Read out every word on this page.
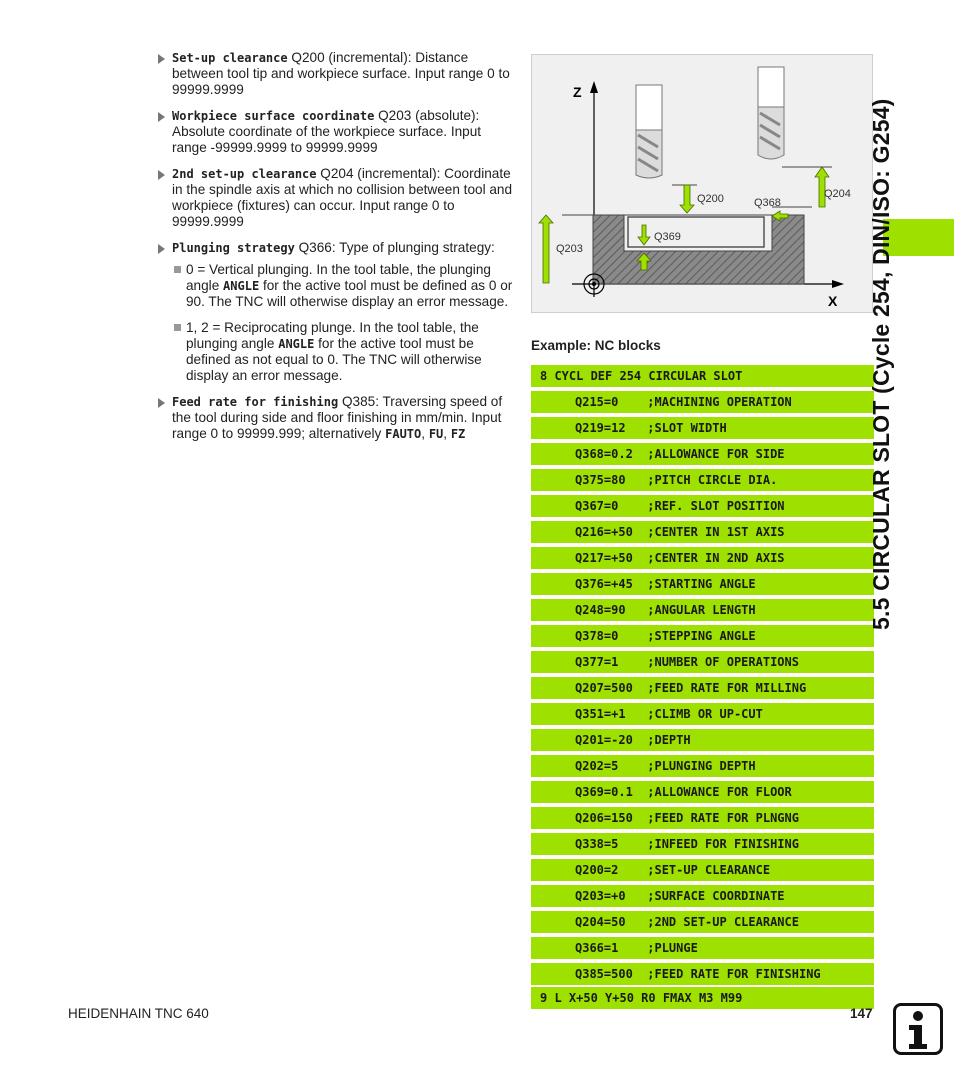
Set-up clearance Q200 (incremental): Distance between tool tip and workpiece surface. Input range 0 to 99999.9999
Workpiece surface coordinate Q203 (absolute): Absolute coordinate of the workpiece surface. Input range -99999.9999 to 99999.9999
2nd set-up clearance Q204 (incremental): Coordinate in the spindle axis at which no collision between tool and workpiece (fixtures) can occur. Input range 0 to 99999.9999
Plunging strategy Q366: Type of plunging strategy:
0 = Vertical plunging. In the tool table, the plunging angle ANGLE for the active tool must be defined as 0 or 90. The TNC will otherwise display an error message.
1, 2 = Reciprocating plunge. In the tool table, the plunging angle ANGLE for the active tool must be defined as not equal to 0. The TNC will otherwise display an error message.
Feed rate for finishing Q385: Traversing speed of the tool during side and floor finishing in mm/min. Input range 0 to 99999.999; alternatively FAUTO, FU, FZ
Z
X
Q200	Q368
Q204
Q369
Q203
Example: NC blocks
8 CYCL DEF 254 CIRCULAR SLOT
Q215=0    ;MACHINING OPERATION
Q219=12   ;SLOT WIDTH
Q368=0.2  ;ALLOWANCE FOR SIDE
Q375=80   ;PITCH CIRCLE DIA.
Q367=0    ;REF. SLOT POSITION
Q216=+50  ;CENTER IN 1ST AXIS
Q217=+50  ;CENTER IN 2ND AXIS
Q376=+45  ;STARTING ANGLE
Q248=90   ;ANGULAR LENGTH
Q378=0    ;STEPPING ANGLE
Q377=1    ;NUMBER OF OPERATIONS
Q207=500  ;FEED RATE FOR MILLING
Q351=+1   ;CLIMB OR UP-CUT
Q201=-20  ;DEPTH
Q202=5    ;PLUNGING DEPTH
Q369=0.1  ;ALLOWANCE FOR FLOOR
Q206=150  ;FEED RATE FOR PLNGNG
Q338=5    ;INFEED FOR FINISHING
Q200=2    ;SET-UP CLEARANCE
Q203=+0   ;SURFACE COORDINATE
Q204=50   ;2ND SET-UP CLEARANCE
Q366=1    ;PLUNGE
Q385=500  ;FEED RATE FOR FINISHING
9 L X+50 Y+50 R0 FMAX M3 M99
5.5 CIRCULAR SLOT (Cycle 254, DIN/ISO: G254)
HEIDENHAIN TNC 640	147
